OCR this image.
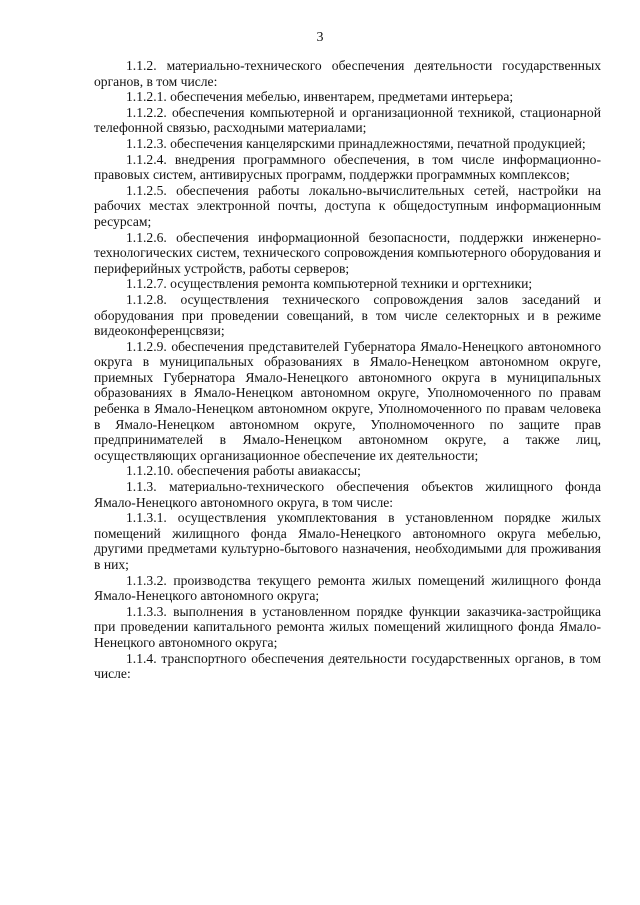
3

1.1.2. материально-технического обеспечения деятельности государственных органов, в том числе:

1.1.2.1. обеспечения мебелью, инвентарем, предметами интерьера;

1.1.2.2. обеспечения компьютерной и организационной техникой, стационарной телефонной связью, расходными материалами;

1.1.2.3. обеспечения канцелярскими принадлежностями, печатной продукцией;

1.1.2.4. внедрения программного обеспечения, в том числе информационно-правовых систем, антивирусных программ, поддержки программных комплексов;

1.1.2.5. обеспечения работы локально-вычислительных сетей, настройки на рабочих местах электронной почты, доступа к общедоступным информационным ресурсам;

1.1.2.6. обеспечения информационной безопасности, поддержки инженерно-технологических систем, технического сопровождения компьютерного оборудования и периферийных устройств, работы серверов;

1.1.2.7. осуществления ремонта компьютерной техники и оргтехники;

1.1.2.8. осуществления технического сопровождения залов заседаний и оборудования при проведении совещаний, в том числе селекторных и в режиме видеоконференцсвязи;

1.1.2.9. обеспечения представителей Губернатора Ямало-Ненецкого автономного округа в муниципальных образованиях в Ямало-Ненецком автономном округе, приемных Губернатора Ямало-Ненецкого автономного округа в муниципальных образованиях в Ямало-Ненецком автономном округе, Уполномоченного по правам ребенка в Ямало-Ненецком автономном округе, Уполномоченного по правам человека в Ямало-Ненецком автономном округе, Уполномоченного по защите прав предпринимателей в Ямало-Ненецком автономном округе, а также лиц, осуществляющих организационное обеспечение их деятельности;

1.1.2.10. обеспечения работы авиакассы;

1.1.3. материально-технического обеспечения объектов жилищного фонда Ямало-Ненецкого автономного округа, в том числе:

1.1.3.1. осуществления укомплектования в установленном порядке жилых помещений жилищного фонда Ямало-Ненецкого автономного округа мебелью, другими предметами культурно-бытового назначения, необходимыми для проживания в них;

1.1.3.2. производства текущего ремонта жилых помещений жилищного фонда Ямало-Ненецкого автономного округа;

1.1.3.3. выполнения в установленном порядке функции заказчика-застройщика при проведении капитального ремонта жилых помещений жилищного фонда Ямало-Ненецкого автономного округа;

1.1.4. транспортного обеспечения деятельности государственных органов, в том числе:
